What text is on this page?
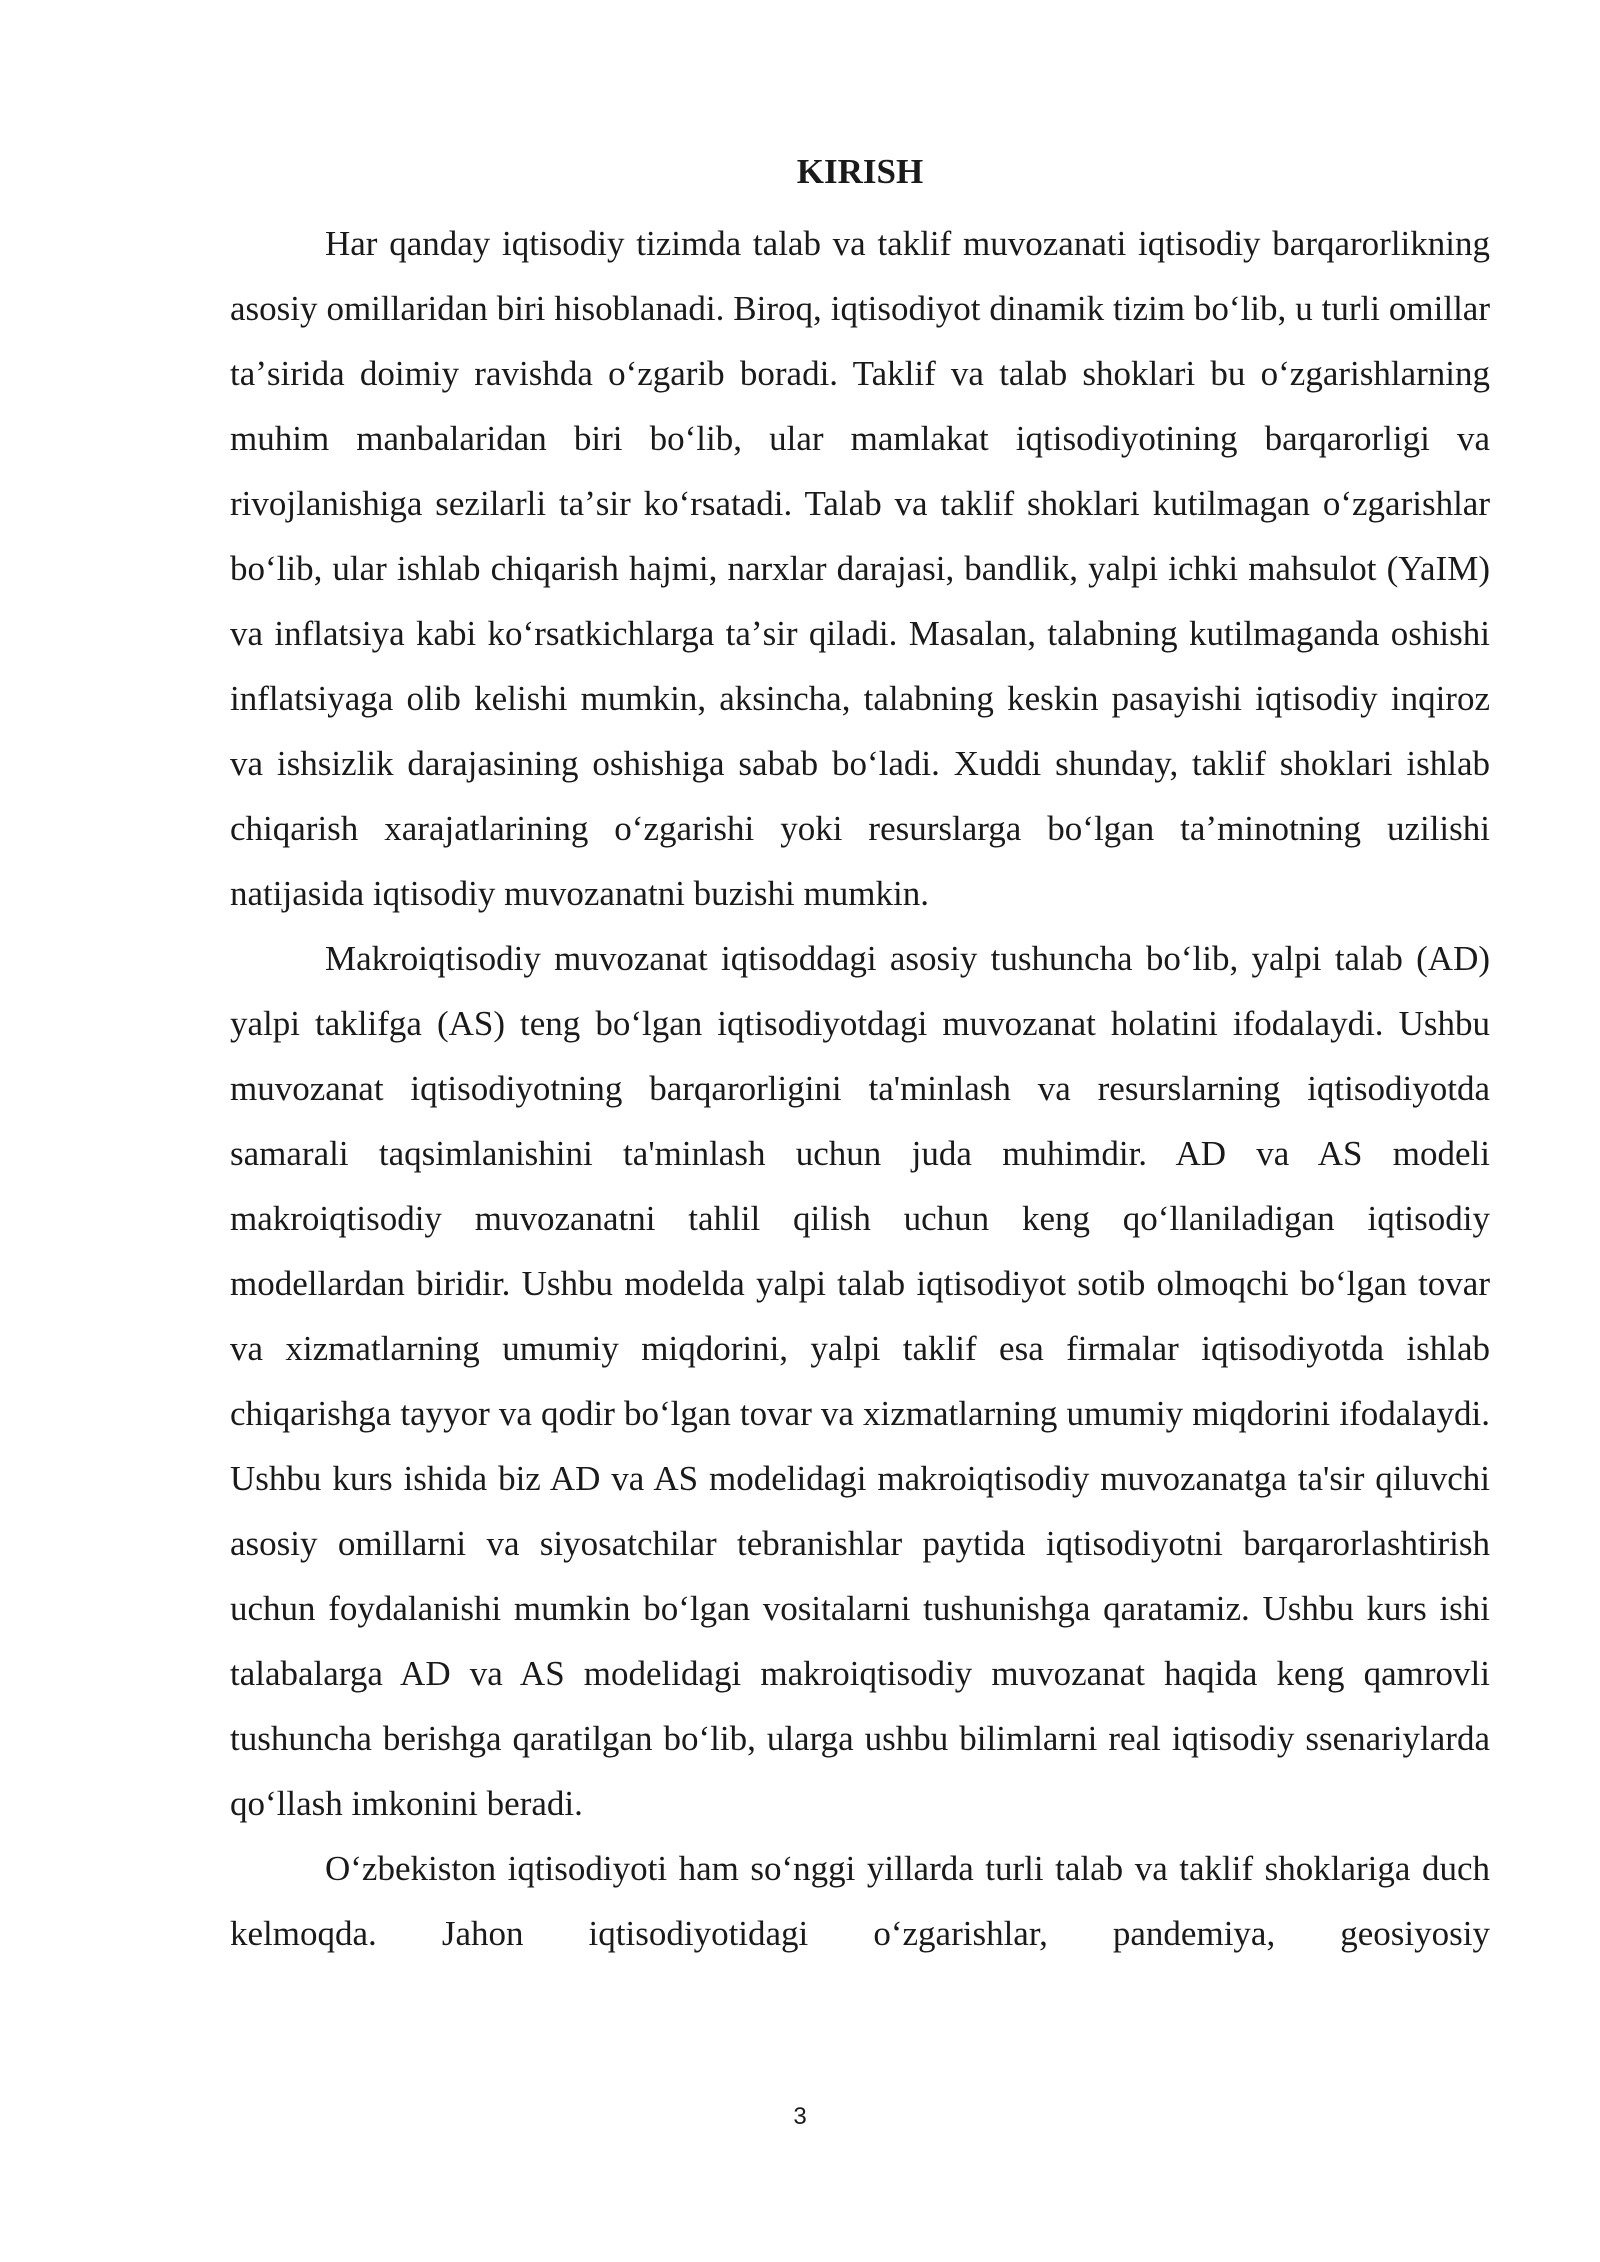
KIRISH

Har qanday iqtisodiy tizimda talab va taklif muvozanati iqtisodiy barqarorlikning asosiy omillaridan biri hisoblanadi. Biroq, iqtisodiyot dinamik tizim boʻlib, u turli omillar taʼsirida doimiy ravishda oʻzgarib boradi. Taklif va talab shoklari bu oʻzgarishlarning muhim manbalaridan biri boʻlib, ular mamlakat iqtisodiyotining barqarorligi va rivojlanishiga sezilarli taʼsir koʻrsatadi. Talab va taklif shoklari kutilmagan oʻzgarishlar boʻlib, ular ishlab chiqarish hajmi, narxlar darajasi, bandlik, yalpi ichki mahsulot (YaIM) va inflatsiya kabi koʻrsatkichlarga taʼsir qiladi. Masalan, talabning kutilmaganda oshishi inflatsiyaga olib kelishi mumkin, aksincha, talabning keskin pasayishi iqtisodiy inqiroz va ishsizlik darajasining oshishiga sabab boʻladi. Xuddi shunday, taklif shoklari ishlab chiqarish xarajatlarining oʻzgarishi yoki resurslarga boʻlgan taʼminotning uzilishi natijasida iqtisodiy muvozanatni buzishi mumkin.

Makroiqtisodiy muvozanat iqtisoddagi asosiy tushuncha boʻlib, yalpi talab (AD) yalpi taklifga (AS) teng boʻlgan iqtisodiyotdagi muvozanat holatini ifodalaydi. Ushbu muvozanat iqtisodiyotning barqarorligini ta'minlash va resurslarning iqtisodiyotda samarali taqsimlanishini ta'minlash uchun juda muhimdir. AD va AS modeli makroiqtisodiy muvozanatni tahlil qilish uchun keng qoʻllaniladigan iqtisodiy modellardan biridir. Ushbu modelda yalpi talab iqtisodiyot sotib olmoqchi boʻlgan tovar va xizmatlarning umumiy miqdorini, yalpi taklif esa firmalar iqtisodiyotda ishlab chiqarishga tayyor va qodir boʻlgan tovar va xizmatlarning umumiy miqdorini ifodalaydi. Ushbu kurs ishida biz AD va AS modelidagi makroiqtisodiy muvozanatga ta'sir qiluvchi asosiy omillarni va siyosatchilar tebranishlar paytida iqtisodiyotni barqarorlashtirish uchun foydalanishi mumkin boʻlgan vositalarni tushunishga qaratamiz. Ushbu kurs ishi talabalarga AD va AS modelidagi makroiqtisodiy muvozanat haqida keng qamrovli tushuncha berishga qaratilgan boʻlib, ularga ushbu bilimlarni real iqtisodiy ssenariylarda qoʻllash imkonini beradi.

Oʻzbekiston iqtisodiyoti ham soʻnggi yillarda turli talab va taklif shoklariga duch kelmoqda. Jahon iqtisodiyotidagi oʻzgarishlar, pandemiya, geosiyosiy

3
